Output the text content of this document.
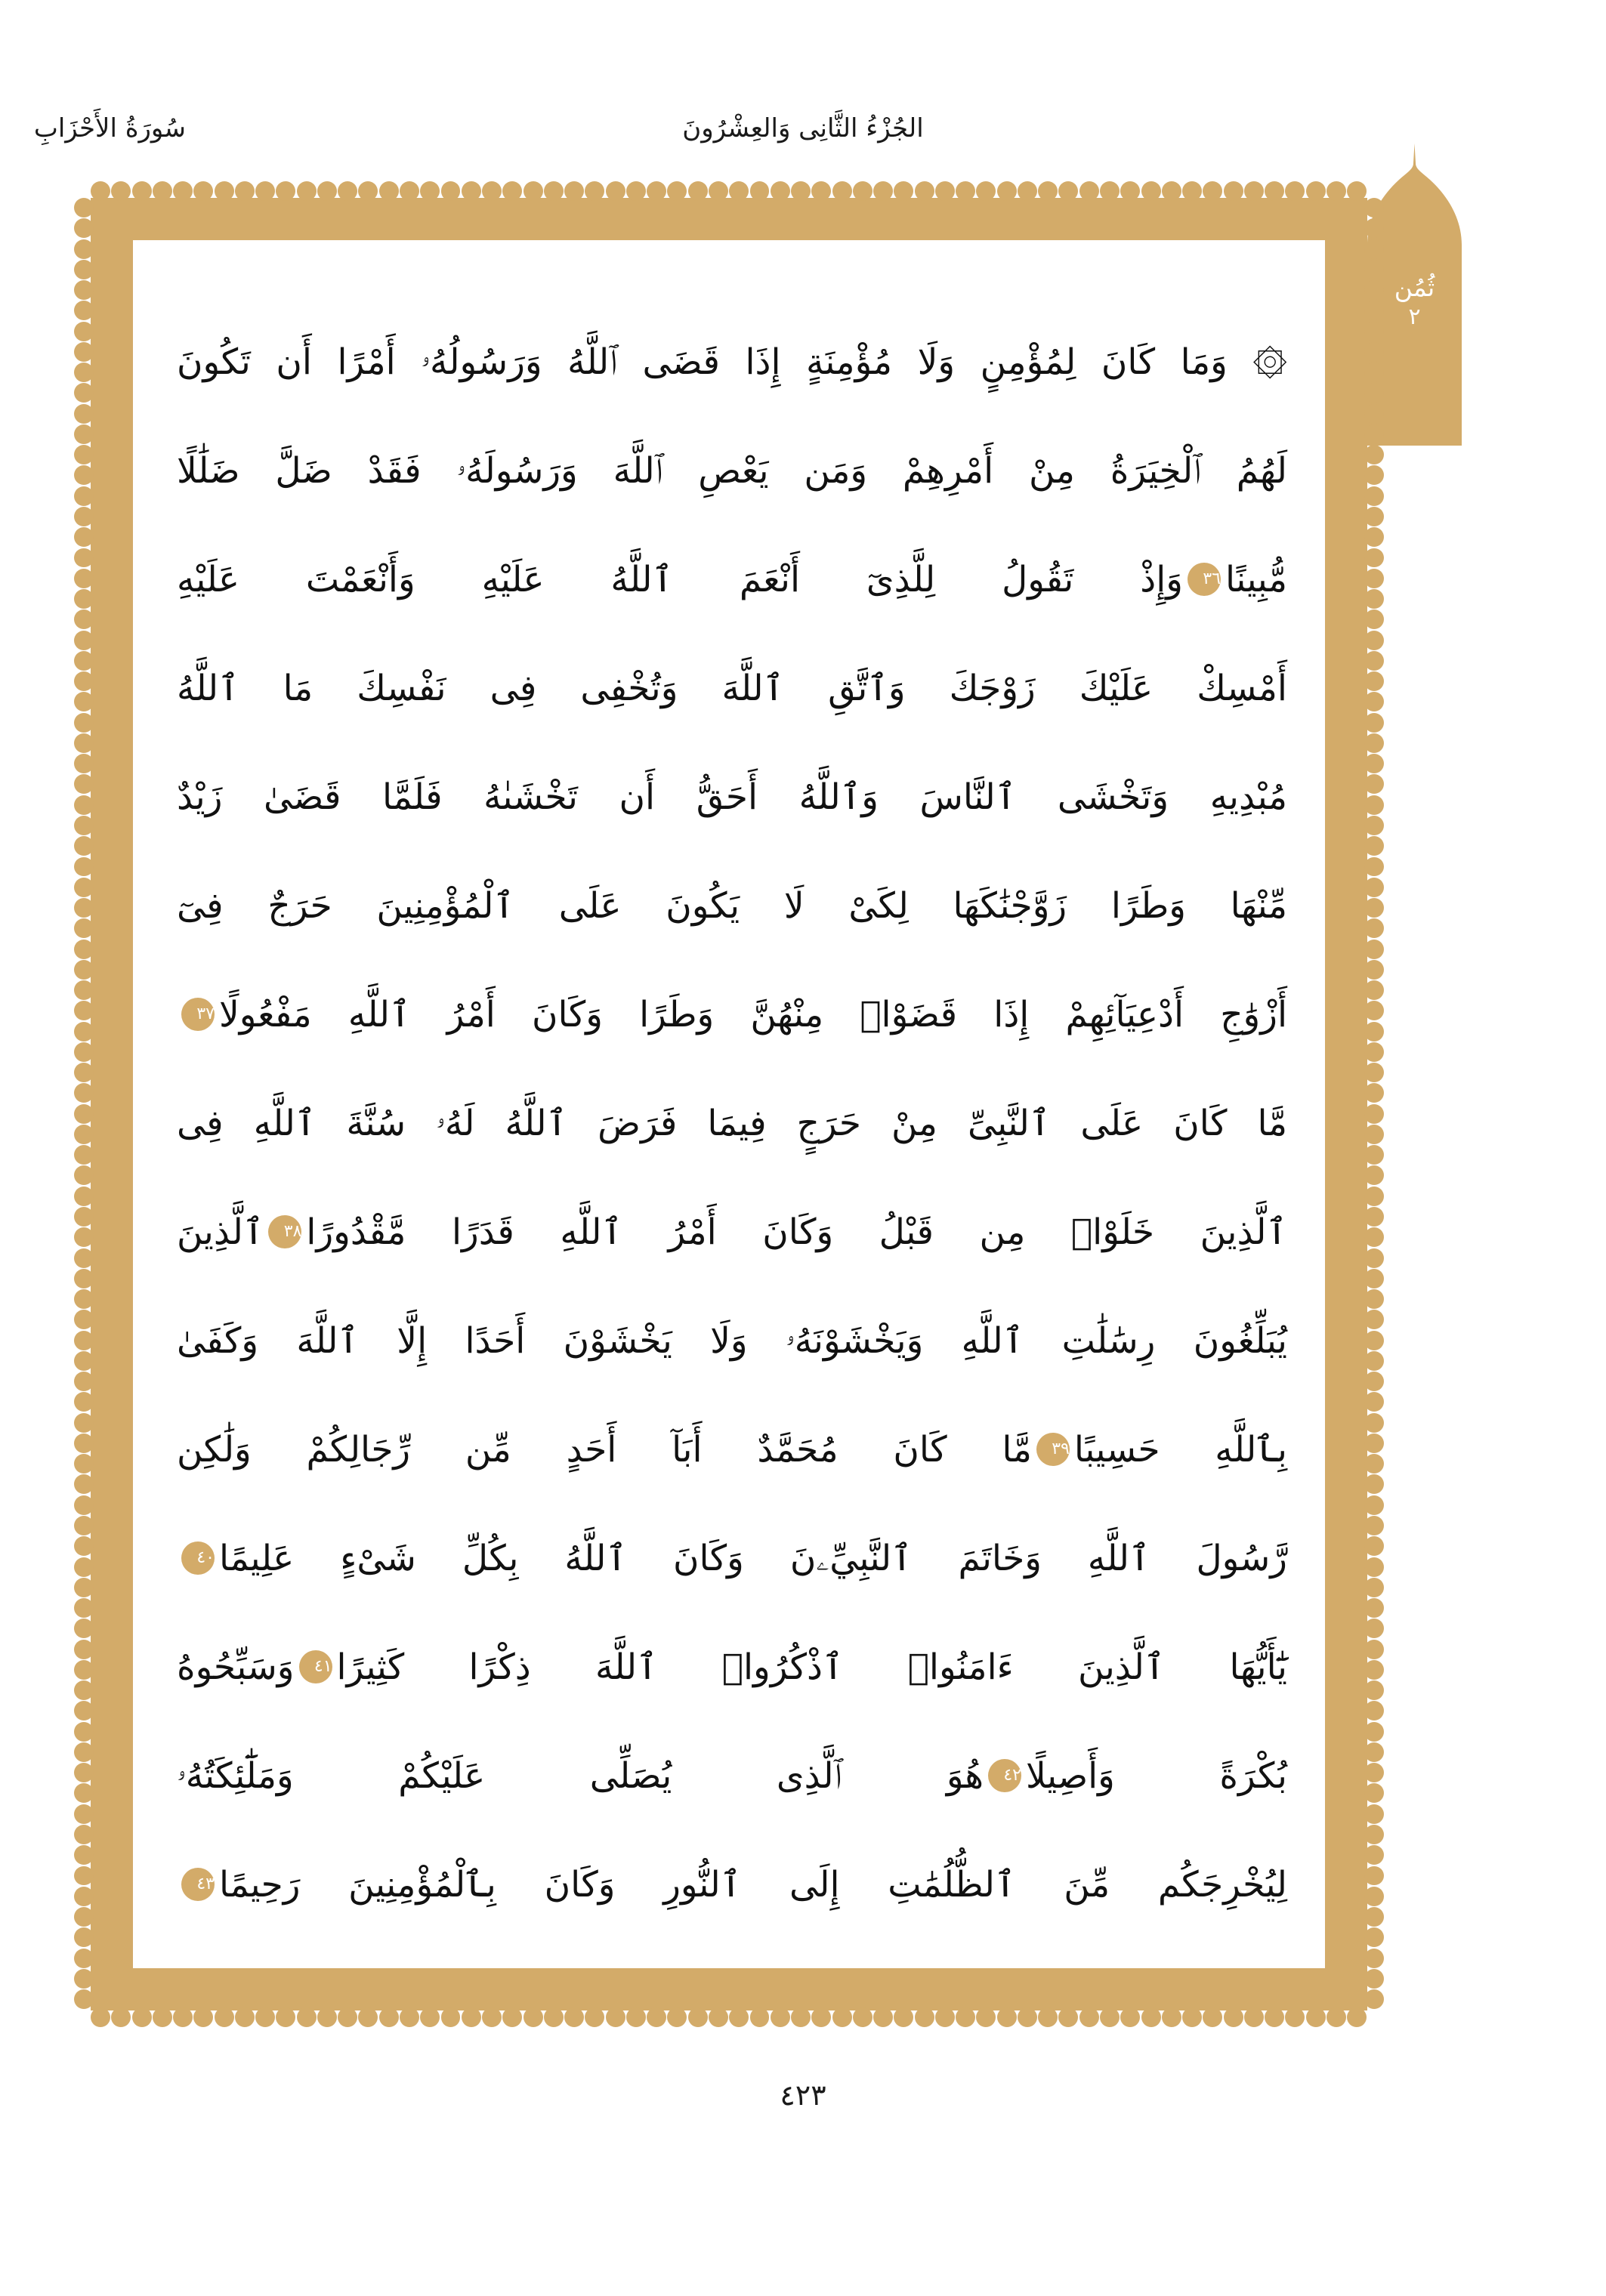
الجُزْءُ الثَّانِى وَالعِشْرُونَ
سُورَةُ الأَحْزَابِ
ثُمُن
٢
۞ وَمَا كَانَ لِمُؤْمِنٍ وَلَا مُؤْمِنَةٍ إِذَا قَضَى ٱللَّهُ وَرَسُولُهُۥ أَمْرًا أَن تَكُونَ
لَهُمُ ٱلْخِيَرَةُ مِنْ أَمْرِهِمْ وَمَن يَعْصِ ٱللَّهَ وَرَسُولَهُۥ فَقَدْ ضَلَّ ضَلَٰلًا
مُّبِينًا٣٦وَإِذْ تَقُولُ لِلَّذِىٓ أَنْعَمَ ٱللَّهُ عَلَيْهِ وَأَنْعَمْتَ عَلَيْهِ
أَمْسِكْ عَلَيْكَ زَوْجَكَ وَٱتَّقِ ٱللَّهَ وَتُخْفِى فِى نَفْسِكَ مَا ٱللَّهُ
مُبْدِيهِ وَتَخْشَى ٱلنَّاسَ وَٱللَّهُ أَحَقُّ أَن تَخْشَىٰهُ فَلَمَّا قَضَىٰ زَيْدٌ
مِّنْهَا وَطَرًا زَوَّجْنَٰكَهَا لِكَىْ لَا يَكُونَ عَلَى ٱلْمُؤْمِنِينَ حَرَجٌ فِىٓ
أَزْوَٰجِ أَدْعِيَآئِهِمْ إِذَا قَضَوْا۟ مِنْهُنَّ وَطَرًا وَكَانَ أَمْرُ ٱللَّهِ مَفْعُولًا٣٧
مَّا كَانَ عَلَى ٱلنَّبِىِّ مِنْ حَرَجٍ فِيمَا فَرَضَ ٱللَّهُ لَهُۥ سُنَّةَ ٱللَّهِ فِى
ٱلَّذِينَ خَلَوْا۟ مِن قَبْلُ وَكَانَ أَمْرُ ٱللَّهِ قَدَرًا مَّقْدُورًا٣٨ٱلَّذِينَ
يُبَلِّغُونَ رِسَٰلَٰتِ ٱللَّهِ وَيَخْشَوْنَهُۥ وَلَا يَخْشَوْنَ أَحَدًا إِلَّا ٱللَّهَ وَكَفَىٰ
بِٱللَّهِ حَسِيبًا٣٩مَّا كَانَ مُحَمَّدٌ أَبَآ أَحَدٍ مِّن رِّجَالِكُمْ وَلَٰكِن
رَّسُولَ ٱللَّهِ وَخَاتَمَ ٱلنَّبِيِّۦنَ وَكَانَ ٱللَّهُ بِكُلِّ شَىْءٍ عَلِيمًا٤٠
يَٰٓأَيُّهَا ٱلَّذِينَ ءَامَنُوا۟ ٱذْكُرُوا۟ ٱللَّهَ ذِكْرًا كَثِيرًا٤١وَسَبِّحُوهُ
بُكْرَةً وَأَصِيلًا٤٢هُوَ ٱلَّذِى يُصَلِّى عَلَيْكُمْ وَمَلَٰٓئِكَتُهُۥ
لِيُخْرِجَكُم مِّنَ ٱلظُّلُمَٰتِ إِلَى ٱلنُّورِ وَكَانَ بِٱلْمُؤْمِنِينَ رَحِيمًا٤٣
٤٢٣
